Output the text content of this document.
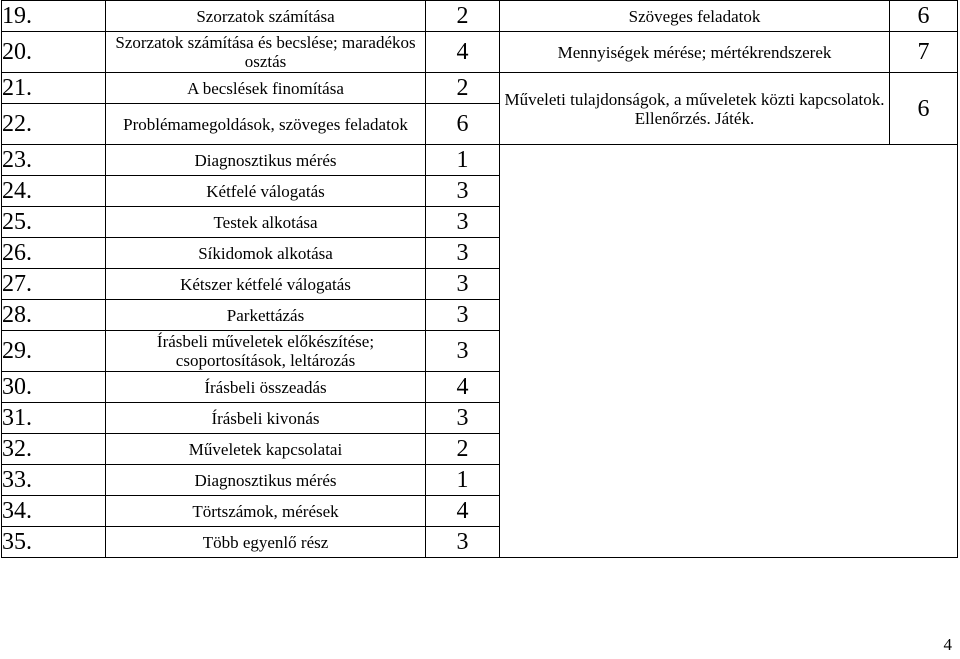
19.	Szorzatok számítása	2	Szöveges feladatok	6
20.	Szorzatok számítása és becslése; maradékos osztás	4	Mennyiségek mérése; mértékrendszerek	7
21.	A becslések finomítása	2	Műveleti tulajdonságok, a műveletek közti kapcsolatok. Ellenőrzés. Játék.	6
22.	Problémamegoldások, szöveges feladatok	6		
23.	Diagnosztikus mérés	1		
24.	Kétfelé válogatás	3		
25.	Testek alkotása	3		
26.	Síkidomok alkotása	3		
27.	Kétszer kétfelé válogatás	3		
28.	Parkettázás	3		
29.	Írásbeli műveletek előkészítése; csoportosítások, leltározás	3		
30.	Írásbeli összeadás	4		
31.	Írásbeli kivonás	3		
32.	Műveletek kapcsolatai	2		
33.	Diagnosztikus mérés	1		
34.	Törtszámok, mérések	4		
35.	Több egyenlő rész	3		
4
